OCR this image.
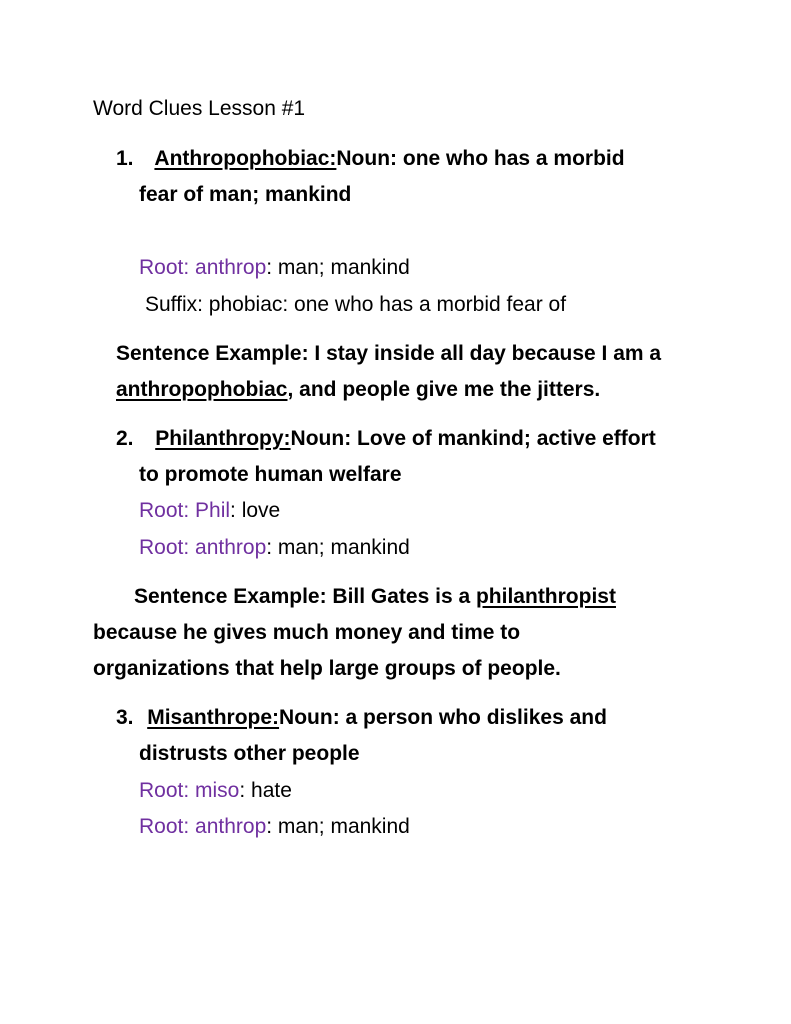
Word Clues Lesson #1
1. Anthropophobiac:Noun: one who has a morbid
fear of man; mankind
Root: anthrop: man; mankind
Suffix: phobiac: one who has a morbid fear of
Sentence Example: I stay inside all day because I am a
anthropophobiac, and people give me the jitters.
2. Philanthropy:Noun: Love of mankind; active effort
to promote human welfare
Root: Phil: love
Root: anthrop: man; mankind
Sentence Example: Bill Gates is a philanthropist
because he gives much money and time to
organizations that help large groups of people.
3. Misanthrope:Noun: a person who dislikes and
distrusts other people
Root: miso: hate
Root: anthrop: man; mankind
